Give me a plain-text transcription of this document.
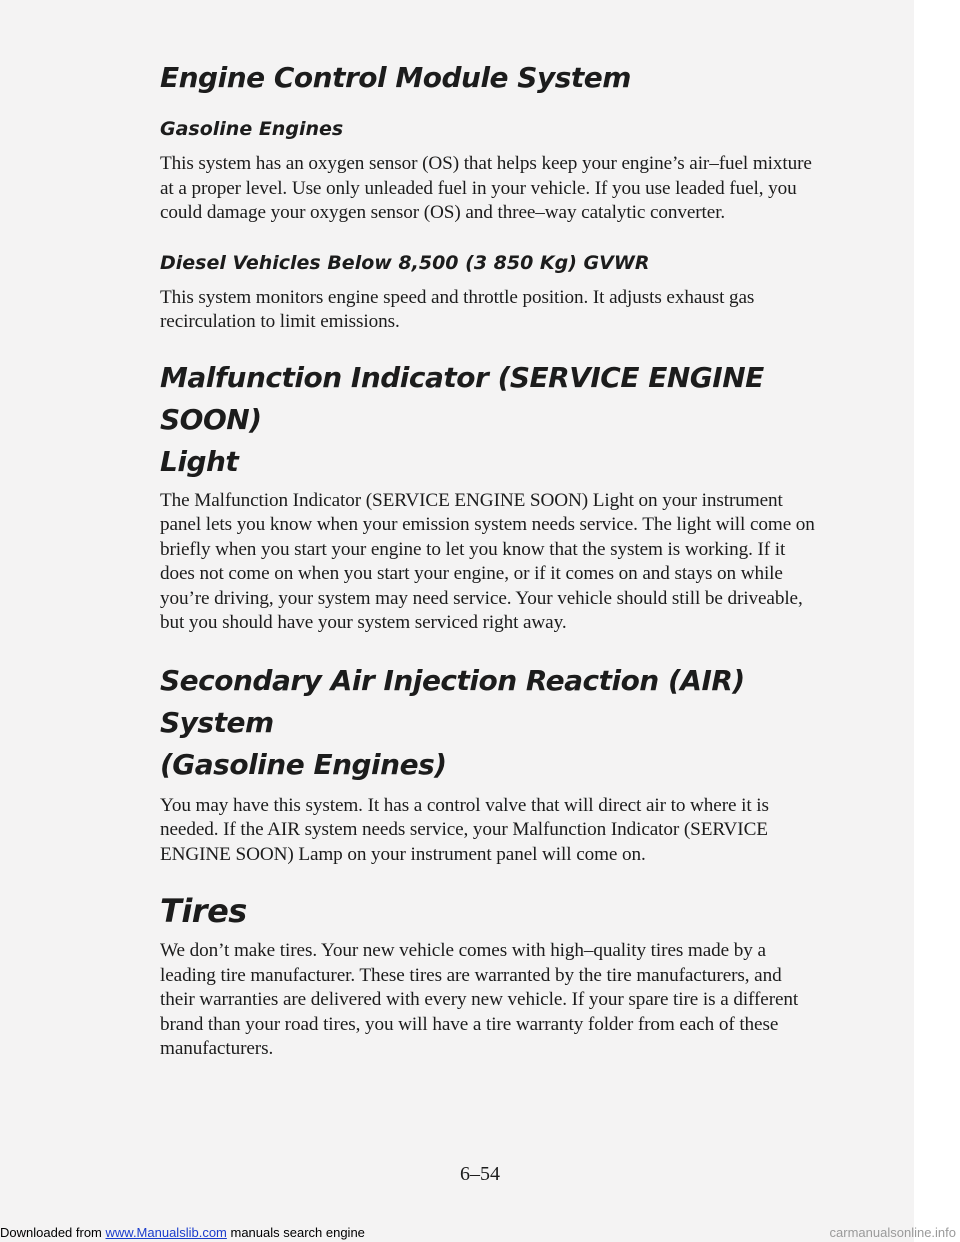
Engine Control Module System
Gasoline Engines

This system has an oxygen sensor (OS) that helps keep your engine’s air–fuel mixture at a proper level. Use only unleaded fuel in your vehicle. If you use leaded fuel, you could damage your oxygen sensor (OS) and three–way catalytic converter.

Diesel Vehicles Below 8,500 (3 850 Kg) GVWR

This system monitors engine speed and throttle position. It adjusts exhaust gas recirculation to limit emissions.

Malfunction Indicator (SERVICE ENGINE SOON)
Light

The Malfunction Indicator (SERVICE ENGINE SOON) Light on your instrument panel lets you know when your emission system needs service. The light will come on briefly when you start your engine to let you know that the system is working. If it does not come on when you start your engine, or if it comes on and stays on while you’re driving, your system may need service. Your vehicle should still be driveable, but you should have your system serviced right away.

Secondary Air Injection Reaction (AIR) System
(Gasoline Engines)

You may have this system. It has a control valve that will direct air to where it is needed. If the AIR system needs service, your Malfunction Indicator (SERVICE ENGINE SOON) Lamp on your instrument panel will come on.

Tires

We don’t make tires. Your new vehicle comes with high–quality tires made by a leading tire manufacturer. These tires are warranted by the tire manufacturers, and their warranties are delivered with every new vehicle. If your spare tire is a different brand than your road tires, you will have a tire warranty folder from each of these manufacturers.

6–54
Downloaded from www.Manualslib.com manuals search engine	carmanualsonline.info
